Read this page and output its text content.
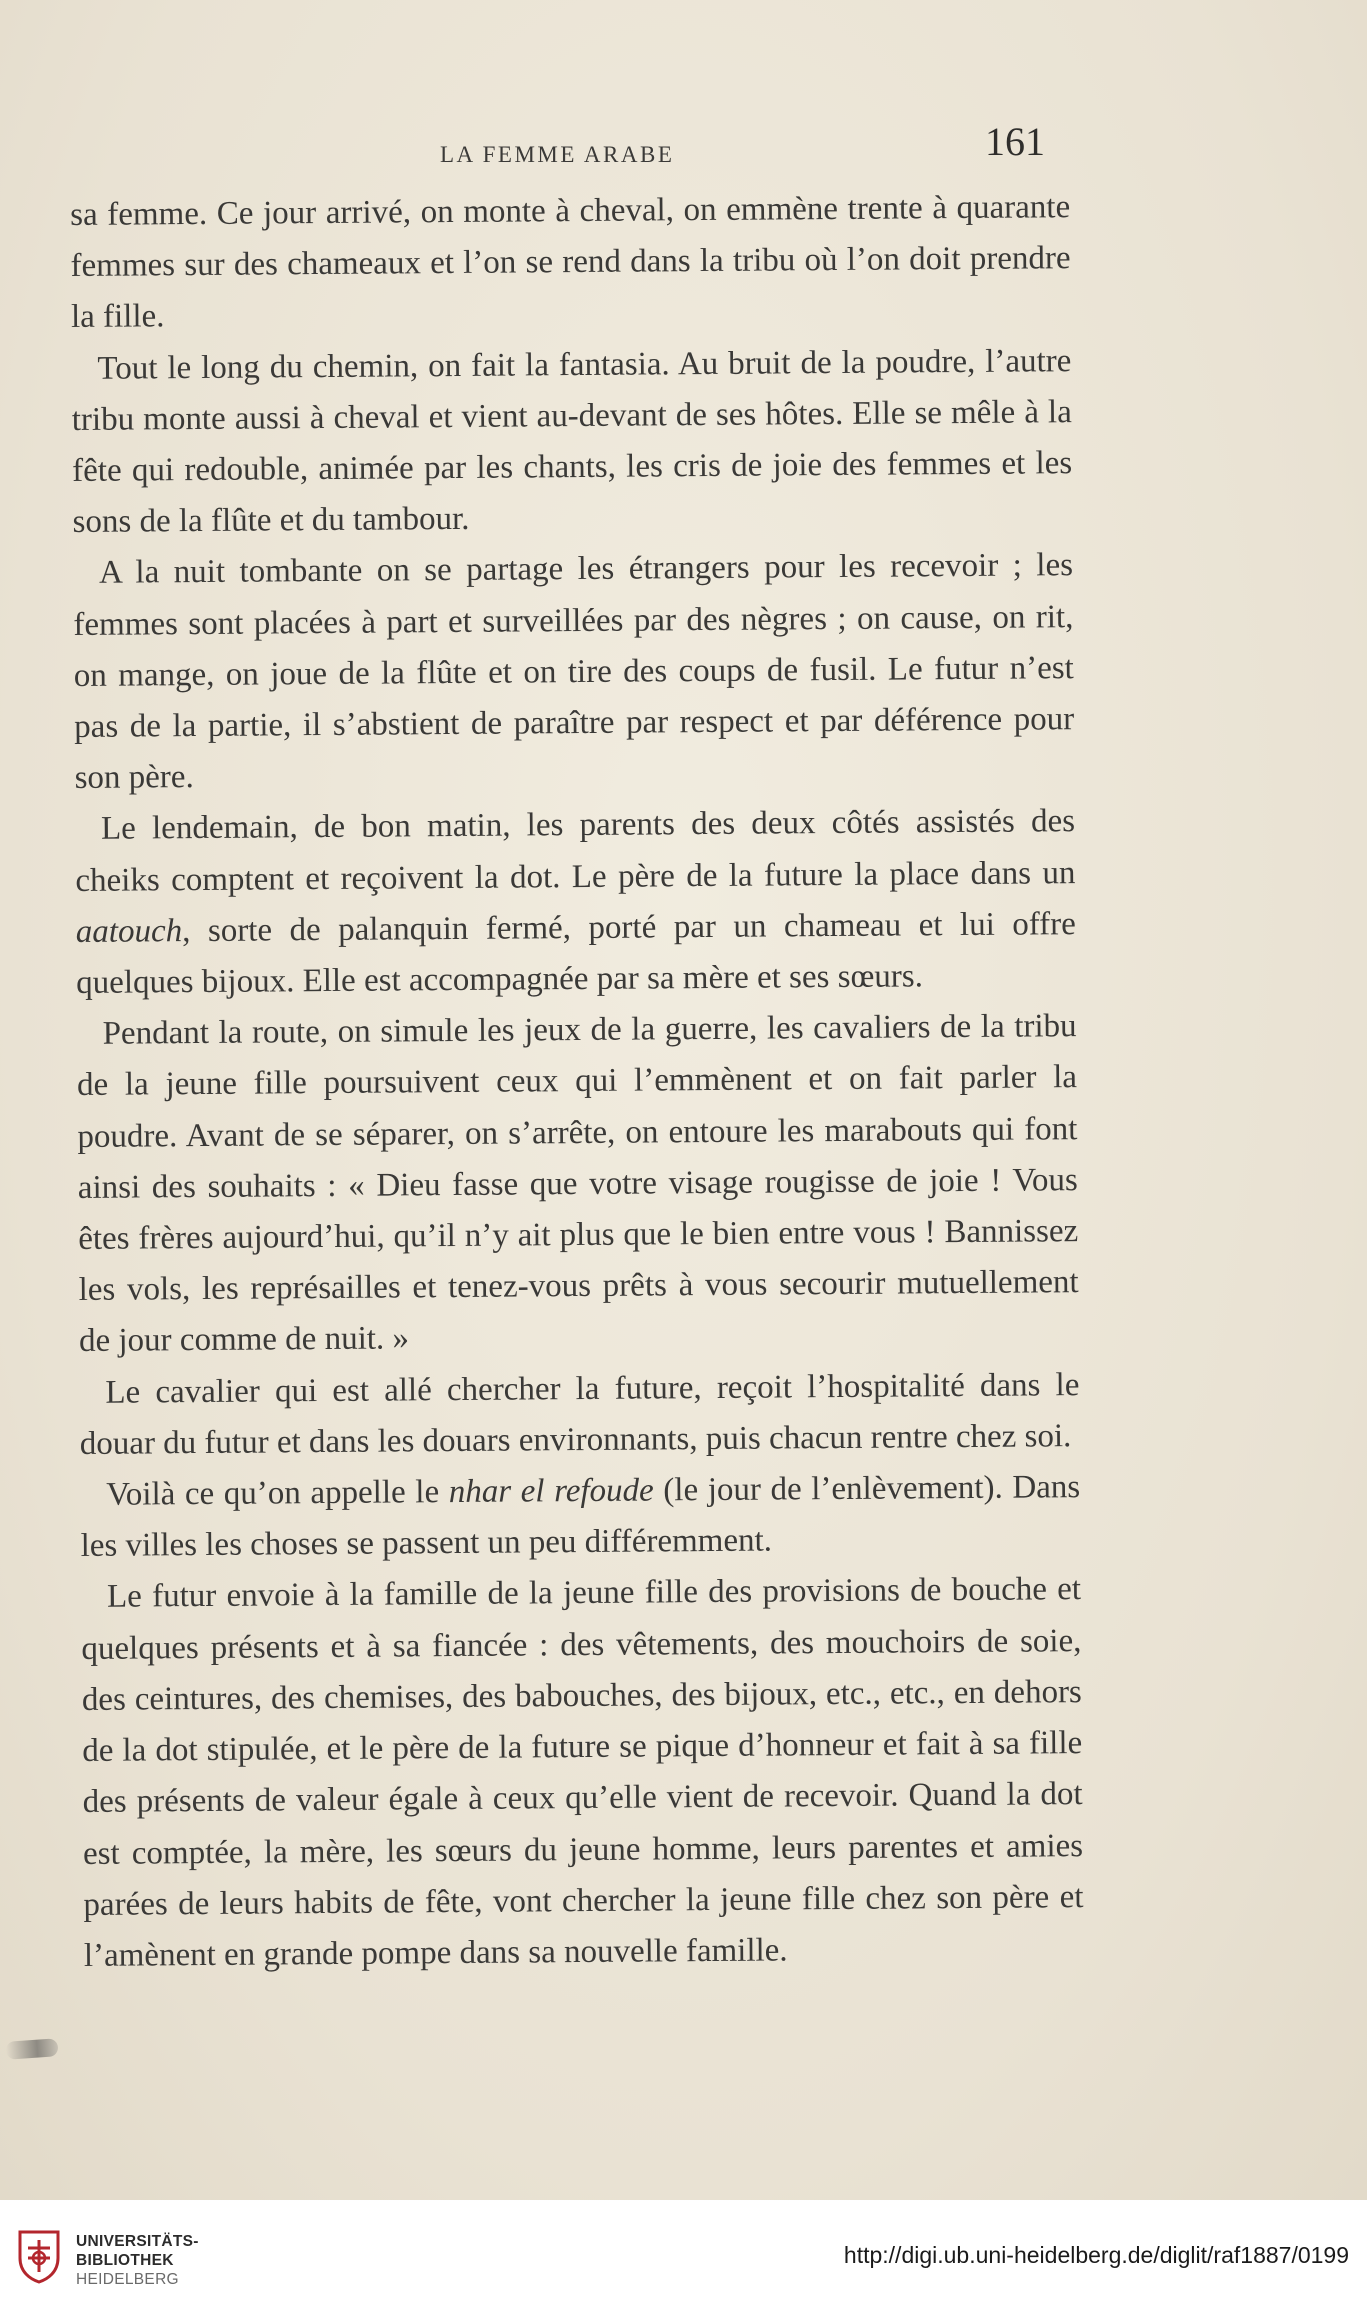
LA FEMME ARABE	161

sa femme. Ce jour arrivé, on monte à cheval, on emmène trente à quarante femmes sur des chameaux et l’on se rend dans la tribu où l’on doit prendre la fille.

Tout le long du chemin, on fait la fantasia. Au bruit de la poudre, l’autre tribu monte aussi à cheval et vient au-devant de ses hôtes. Elle se mêle à la fête qui redouble, animée par les chants, les cris de joie des femmes et les sons de la flûte et du tambour.

A la nuit tombante on se partage les étrangers pour les recevoir ; les femmes sont placées à part et surveillées par des nègres ; on cause, on rit, on mange, on joue de la flûte et on tire des coups de fusil. Le futur n’est pas de la partie, il s’abstient de paraître par respect et par déférence pour son père.

Le lendemain, de bon matin, les parents des deux côtés assistés des cheiks comptent et reçoivent la dot. Le père de la future la place dans un aatouch, sorte de palanquin fermé, porté par un chameau et lui offre quelques bijoux. Elle est accompagnée par sa mère et ses sœurs.

Pendant la route, on simule les jeux de la guerre, les cavaliers de la tribu de la jeune fille poursuivent ceux qui l’emmènent et on fait parler la poudre. Avant de se séparer, on s’arrête, on entoure les marabouts qui font ainsi des souhaits : « Dieu fasse que votre visage rougisse de joie ! Vous êtes frères aujourd’hui, qu’il n’y ait plus que le bien entre vous ! Bannissez les vols, les représailles et tenez-vous prêts à vous secourir mutuellement de jour comme de nuit. »

Le cavalier qui est allé chercher la future, reçoit l’hospitalité dans le douar du futur et dans les douars environnants, puis chacun rentre chez soi.

Voilà ce qu’on appelle le nhar el refoude (le jour de l’enlèvement). Dans les villes les choses se passent un peu différemment.

Le futur envoie à la famille de la jeune fille des provisions de bouche et quelques présents et à sa fiancée : des vêtements, des mouchoirs de soie, des ceintures, des chemises, des babouches, des bijoux, etc., etc., en dehors de la dot stipulée, et le père de la future se pique d’honneur et fait à sa fille des présents de valeur égale à ceux qu’elle vient de recevoir. Quand la dot est comptée, la mère, les sœurs du jeune homme, leurs parentes et amies parées de leurs habits de fête, vont chercher la jeune fille chez son père et l’amènent en grande pompe dans sa nouvelle famille.

UNIVERSITÄTS-
BIBLIOTHEK
HEIDELBERG
http://digi.ub.uni-heidelberg.de/diglit/raf1887/0199
